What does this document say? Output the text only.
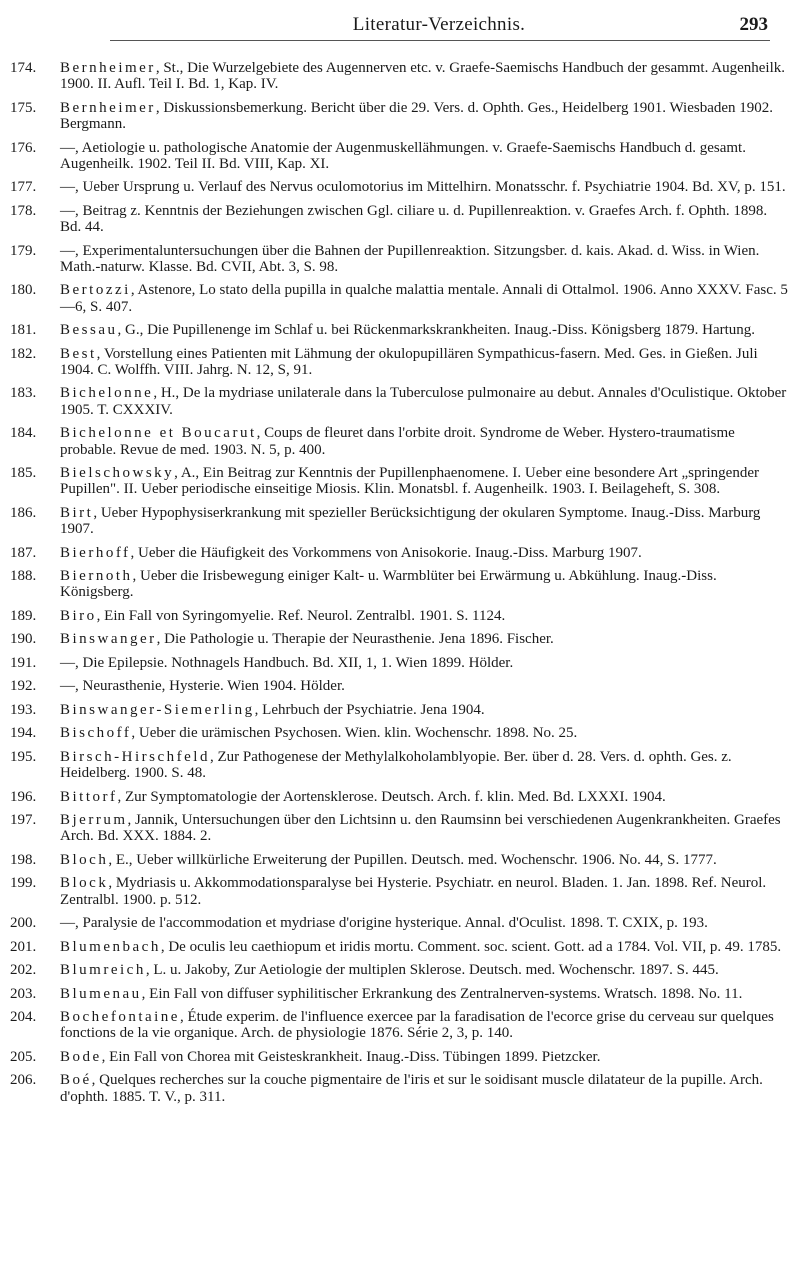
Literatur-Verzeichnis.	293
174. Bernheimer, St., Die Wurzelgebiete des Augennerven etc. v. Graefe-Saemischs Handbuch der gesammt. Augenheilk. 1900. II. Aufl. Teil I. Bd. 1, Kap. IV.
175. Bernheimer, Diskussionsbemerkung. Bericht über die 29. Vers. d. Ophth. Ges., Heidelberg 1901. Wiesbaden 1902. Bergmann.
176. —, Aetiologie u. pathologische Anatomie der Augenmuskellähmungen. v. Graefe-Saemischs Handbuch d. gesamt. Augenheilk. 1902. Teil II. Bd. VIII, Kap. XI.
177. —, Ueber Ursprung u. Verlauf des Nervus oculomotorius im Mittelhirn. Monatsschr. f. Psychiatrie 1904. Bd. XV, p. 151.
178. —, Beitrag z. Kenntnis der Beziehungen zwischen Ggl. ciliare u. d. Pupillenreaktion. v. Graefes Arch. f. Ophth. 1898. Bd. 44.
179. —, Experimentaluntersuchungen über die Bahnen der Pupillenreaktion. Sitzungsber. d. kais. Akad. d. Wiss. in Wien. Math.-naturw. Klasse. Bd. CVII, Abt. 3, S. 98.
180. Bertozzi, Astenore, Lo stato della pupilla in qualche malattia mentale. Annali di Ottalmol. 1906. Anno XXXV. Fasc. 5—6, S. 407.
181. Bessau, G., Die Pupillenenge im Schlaf u. bei Rückenmarkskrankheiten. Inaug.-Diss. Königsberg 1879. Hartung.
182. Best, Vorstellung eines Patienten mit Lähmung der okulopupillären Sympathicus-fasern. Med. Ges. in Gießen. Juli 1904. C. Wolffh. VIII. Jahrg. N. 12, S, 91.
183. Bichelonne, H., De la mydriase unilaterale dans la Tuberculose pulmonaire au debut. Annales d'Oculistique. Oktober 1905. T. CXXXIV.
184. Bichelonne et Boucarut, Coups de fleuret dans l'orbite droit. Syndrome de Weber. Hystero-traumatisme probable. Revue de med. 1903. N. 5, p. 400.
185. Bielschowsky, A., Ein Beitrag zur Kenntnis der Pupillenphaenomene. I. Ueber eine besondere Art „springender Pupillen". II. Ueber periodische einseitige Miosis. Klin. Monatsbl. f. Augenheilk. 1903. I. Beilageheft, S. 308.
186. Birt, Ueber Hypophysiserkrankung mit spezieller Berücksichtigung der okularen Symptome. Inaug.-Diss. Marburg 1907.
187. Bierhoff, Ueber die Häufigkeit des Vorkommens von Anisokorie. Inaug.-Diss. Marburg 1907.
188. Biernoth, Ueber die Irisbewegung einiger Kalt- u. Warmblüter bei Erwärmung u. Abkühlung. Inaug.-Diss. Königsberg.
189. Biro, Ein Fall von Syringomyelie. Ref. Neurol. Zentralbl. 1901. S. 1124.
190. Binswanger, Die Pathologie u. Therapie der Neurasthenie. Jena 1896. Fischer.
191. —, Die Epilepsie. Nothnagels Handbuch. Bd. XII, 1, 1. Wien 1899. Hölder.
192. —, Neurasthenie, Hysterie. Wien 1904. Hölder.
193. Binswanger-Siemerling, Lehrbuch der Psychiatrie. Jena 1904.
194. Bischoff, Ueber die urämischen Psychosen. Wien. klin. Wochenschr. 1898. No. 25.
195. Birsch-Hirschfeld, Zur Pathogenese der Methylalkoholamblyopie. Ber. über d. 28. Vers. d. ophth. Ges. z. Heidelberg. 1900. S. 48.
196. Bittorf, Zur Symptomatologie der Aortensklerose. Deutsch. Arch. f. klin. Med. Bd. LXXXI. 1904.
197. Bjerrum, Jannik, Untersuchungen über den Lichtsinn u. den Raumsinn bei verschiedenen Augenkrankheiten. Graefes Arch. Bd. XXX. 1884. 2.
198. Bloch, E., Ueber willkürliche Erweiterung der Pupillen. Deutsch. med. Wochenschr. 1906. No. 44, S. 1777.
199. Block, Mydriasis u. Akkommodationsparalyse bei Hysterie. Psychiatr. en neurol. Bladen. 1. Jan. 1898. Ref. Neurol. Zentralbl. 1900. p. 512.
200. —, Paralysie de l'accommodation et mydriase d'origine hysterique. Annal. d'Oculist. 1898. T. CXIX, p. 193.
201. Blumenbach, De oculis leu caethiopum et iridis mortu. Comment. soc. scient. Gott. ad a 1784. Vol. VII, p. 49. 1785.
202. Blumreich, L. u. Jakoby, Zur Aetiologie der multiplen Sklerose. Deutsch. med. Wochenschr. 1897. S. 445.
203. Blumenau, Ein Fall von diffuser syphilitischer Erkrankung des Zentralnerven-systems. Wratsch. 1898. No. 11.
204. Bochefontaine, Étude experim. de l'influence exercee par la faradisation de l'ecorce grise du cerveau sur quelques fonctions de la vie organique. Arch. de physiologie 1876. Série 2, 3, p. 140.
205. Bode, Ein Fall von Chorea mit Geisteskrankheit. Inaug.-Diss. Tübingen 1899. Pietzcker.
206. Boé, Quelques recherches sur la couche pigmentaire de l'iris et sur le soidisant muscle dilatateur de la pupille. Arch. d'ophth. 1885. T. V., p. 311.
